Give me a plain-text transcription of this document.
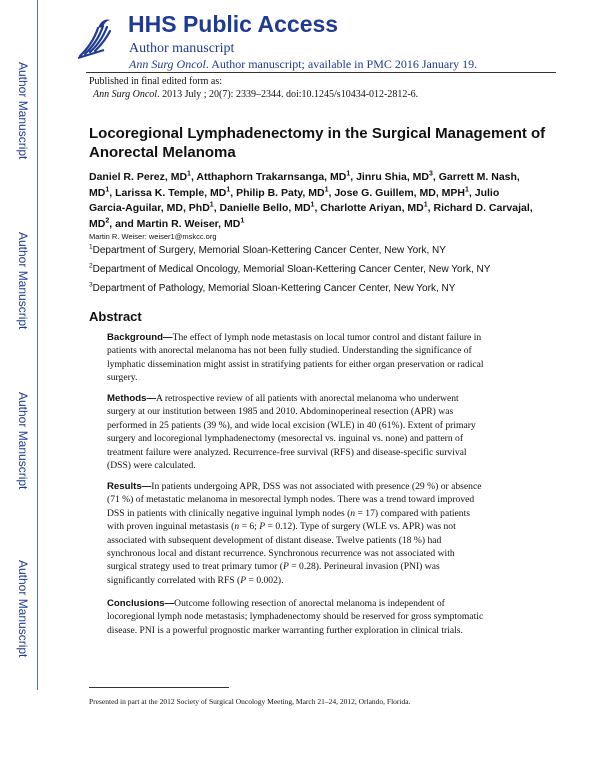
Author Manuscript
Author Manuscript
Author Manuscript
Author Manuscript
HHS Public Access
Author manuscript
Ann Surg Oncol. Author manuscript; available in PMC 2016 January 19.
Published in final edited form as:
Ann Surg Oncol. 2013 July ; 20(7): 2339–2344. doi:10.1245/s10434-012-2812-6.
Locoregional Lymphadenectomy in the Surgical Management of
Anorectal Melanoma
Daniel R. Perez, $MD^1$, Atthaphorn Trakarnsanga, $MD^1$, Jinru Shia, $MD^3$, Garrett M. Nash,
$MD^1$, Larissa K. Temple, $MD^1$, Philip B. Paty, $MD^1$, Jose G. Guillem, MD, MPH$^1$, Julio
Garcia-Aguilar, MD, PhD$^1$, Danielle Bello, $MD^1$, Charlotte Ariyan, $MD^1$, Richard D. Carvajal,
$MD^2$, and Martin R. Weiser, $MD^1$
Martin R. Weiser: weiser1@mskcc.org
$^1$Department of Surgery, Memorial Sloan-Kettering Cancer Center, New York, NY
$^2$Department of Medical Oncology, Memorial Sloan-Kettering Cancer Center, New York, NY
$^3$Department of Pathology, Memorial Sloan-Kettering Cancer Center, New York, NY
Abstract
Background—The effect of lymph node metastasis on local tumor control and distant failure in
patients with anorectal melanoma has not been fully studied. Understanding the significance of
lymphatic dissemination might assist in stratifying patients for either organ preservation or radical
surgery.
Methods—A retrospective review of all patients with anorectal melanoma who underwent
surgery at our institution between 1985 and 2010. Abdominoperineal resection (APR) was
performed in 25 patients (39 %), and wide local excision (WLE) in 40 (61%). Extent of primary
surgery and locoregional lymphadenectomy (mesorectal vs. inguinal vs. none) and pattern of
treatment failure were analyzed. Recurrence-free survival (RFS) and disease-specific survival
(DSS) were calculated.
Results—In patients undergoing APR, DSS was not associated with presence (29 %) or absence
(71 %) of metastatic melanoma in mesorectal lymph nodes. There was a trend toward improved
DSS in patients with clinically negative inguinal lymph nodes (n = 17) compared with patients
with proven inguinal metastasis (n = 6; P = 0.12). Type of surgery (WLE vs. APR) was not
associated with subsequent development of distant disease. Twelve patients (18 %) had
synchronous local and distant recurrence. Synchronous recurrence was not associated with
surgical strategy used to treat primary tumor (P = 0.28). Perineural invasion (PNI) was
significantly correlated with RFS (P = 0.002).
Conclusions—Outcome following resection of anorectal melanoma is independent of
locoregional lymph node metastasis; lymphadenectomy should be reserved for gross symptomatic
disease. PNI is a powerful prognostic marker warranting further exploration in clinical trials.
Presented in part at the 2012 Society of Surgical Oncology Meeting, March 21–24, 2012, Orlando, Florida.
